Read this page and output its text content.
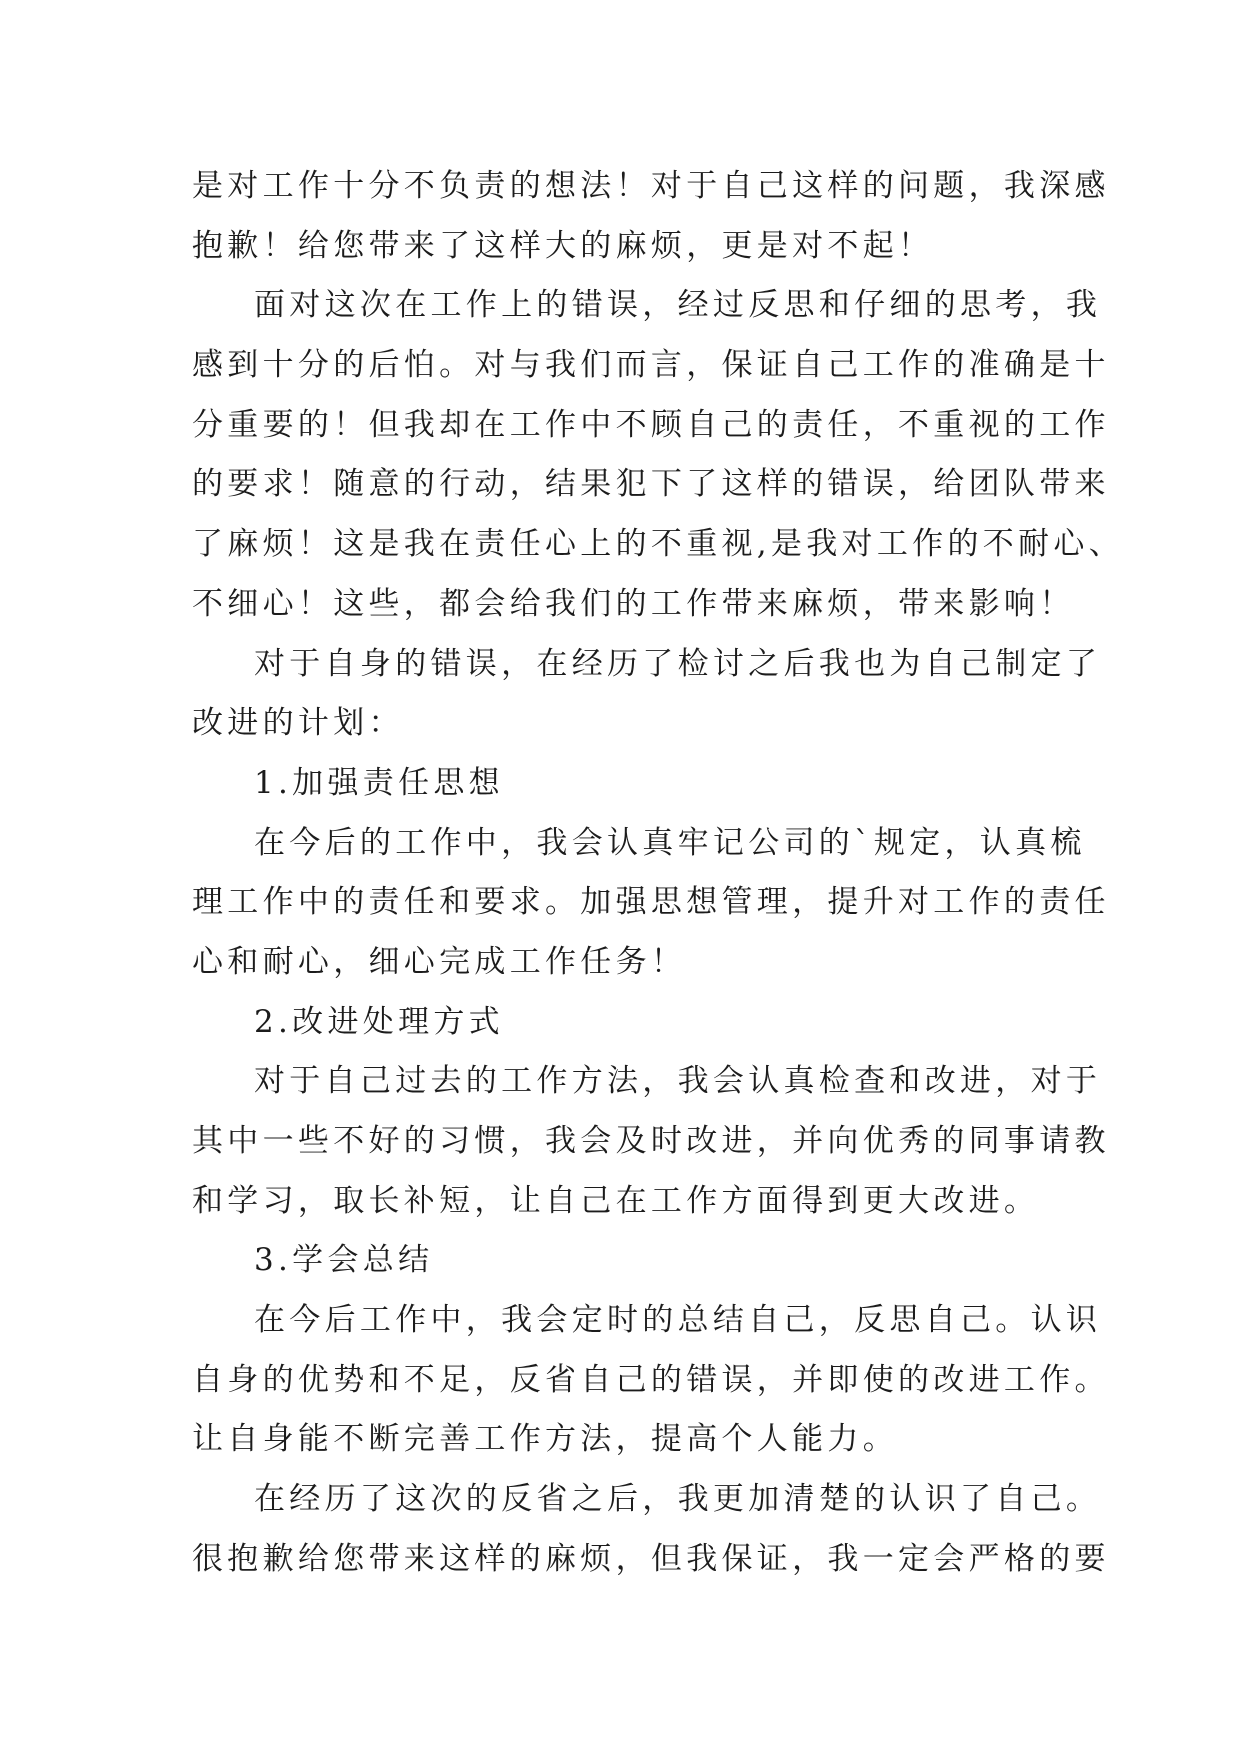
是对工作十分不负责的想法！对于自己这样的问题，我深感
抱歉！给您带来了这样大的麻烦，更是对不起！
面对这次在工作上的错误，经过反思和仔细的思考，我
感到十分的后怕。对与我们而言，保证自己工作的准确是十
分重要的！但我却在工作中不顾自己的责任，不重视的工作
的要求！随意的行动，结果犯下了这样的错误，给团队带来
了麻烦！这是我在责任心上的不重视,是我对工作的不耐心、
不细心！这些，都会给我们的工作带来麻烦，带来影响！
对于自身的错误，在经历了检讨之后我也为自己制定了
改进的计划：
1.加强责任思想
在今后的工作中，我会认真牢记公司的`规定，认真梳
理工作中的责任和要求。加强思想管理，提升对工作的责任
心和耐心，细心完成工作任务！
2.改进处理方式
对于自己过去的工作方法，我会认真检查和改进，对于
其中一些不好的习惯，我会及时改进，并向优秀的同事请教
和学习，取长补短，让自己在工作方面得到更大改进。
3.学会总结
在今后工作中，我会定时的总结自己，反思自己。认识
自身的优势和不足，反省自己的错误，并即使的改进工作。
让自身能不断完善工作方法，提高个人能力。
在经历了这次的反省之后，我更加清楚的认识了自己。
很抱歉给您带来这样的麻烦，但我保证，我一定会严格的要
